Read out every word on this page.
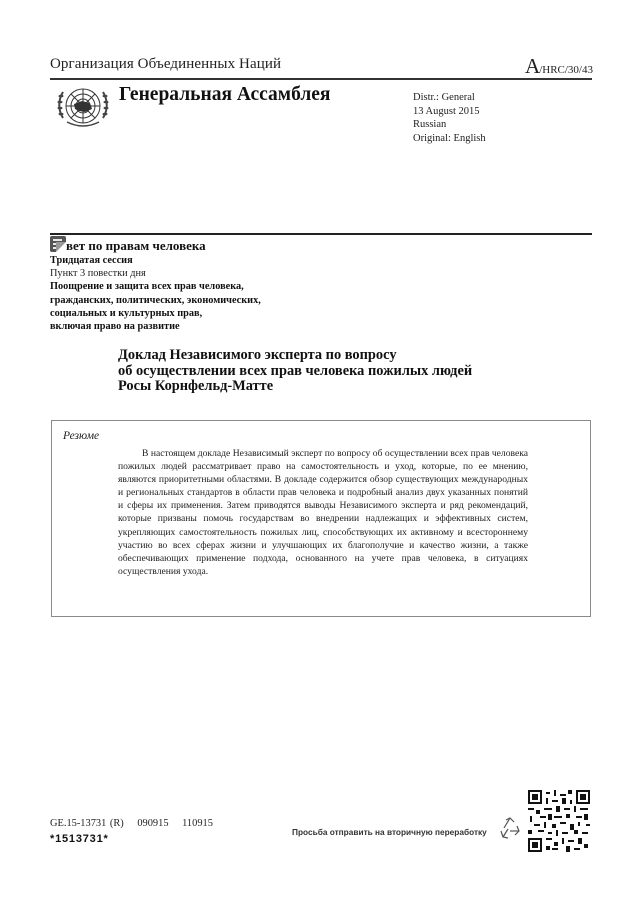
Организация Объединенных Наций	A/HRC/30/43
Генеральная Ассамблея	Distr.: General
13 August 2015
Russian
Original: English
вет по правам человека
Тридцатая сессия
Пункт 3 повестки дня
Поощрение и защита всех прав человека,
гражданских, политических, экономических,
социальных и культурных прав,
включая право на развитие
Доклад Независимого эксперта по вопросу
об осуществлении всех прав человека пожилых людей
Росы Корнфельд-Матте
Резюме
В настоящем докладе Независимый эксперт по вопросу об осуществлении всех прав человека пожилых людей рассматривает право на самостоятельность и уход, которые, по ее мнению, являются приоритетными областями. В докладе содержится обзор существующих международных и региональных стандартов в области прав человека и подробный анализ двух указанных понятий и сферы их применения. Затем приводятся выводы Независимого эксперта и ряд рекомендаций, которые призваны помочь государствам во внедрении надлежащих и эффективных систем, укрепляющих самостоятельность пожилых лиц, способствующих их активному и всестороннему участию во всех сферах жизни и улучшающих их благополучие и качество жизни, а также обеспечивающих применение подхода, основанного на учете прав человека, в ситуациях осуществления ухода.
GE.15-13731 (R) 090915 110915
*1513731*
Просьба отправить на вторичную переработку
